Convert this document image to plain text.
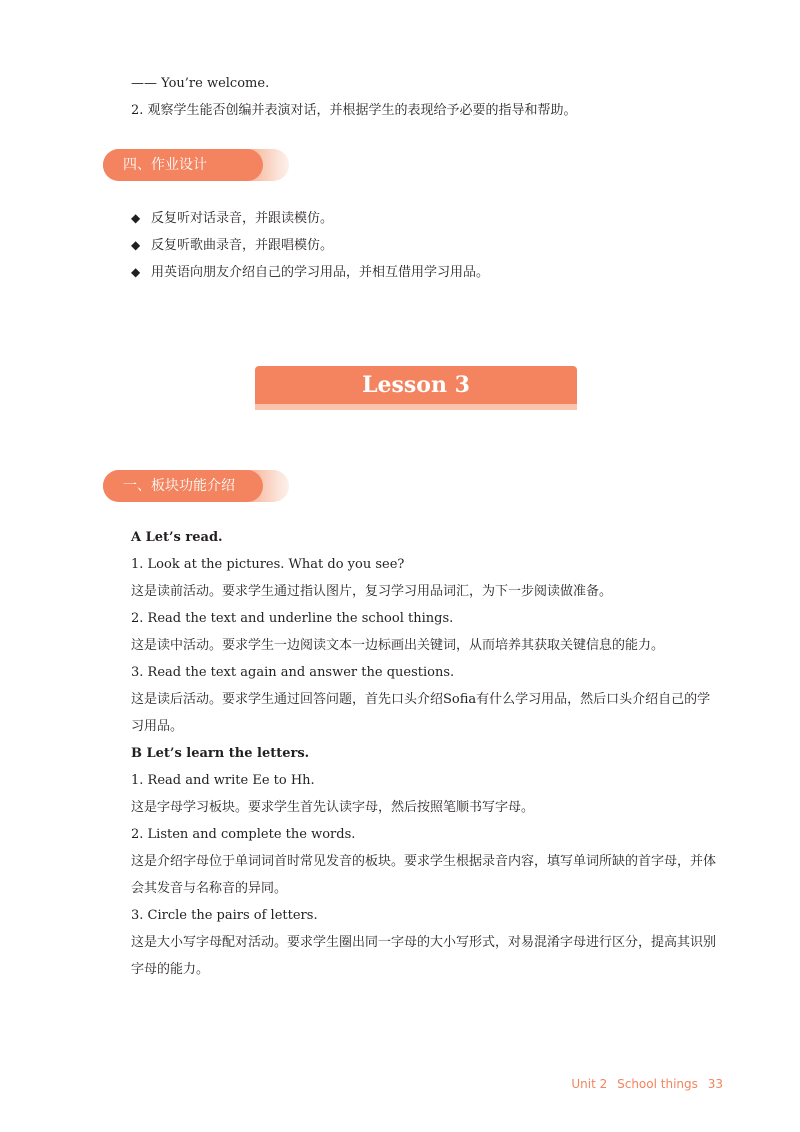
—— You’re welcome.
2. 观察学生能否创编并表演对话，并根据学生的表现给予必要的指导和帮助。
四、作业设计
◆ 反复听对话录音，并跟读模仿。
◆ 反复听歌曲录音，并跟唱模仿。
◆ 用英语向朋友介绍自己的学习用品，并相互借用学习用品。
Lesson 3
一、板块功能介绍
A Let’s read.
1. Look at the pictures. What do you see?
这是读前活动。要求学生通过指认图片，复习学习用品词汇，为下一步阅读做准备。
2. Read the text and underline the school things.
这是读中活动。要求学生一边阅读文本一边标画出关键词，从而培养其获取关键信息的能力。
3. Read the text again and answer the questions.
这是读后活动。要求学生通过回答问题，首先口头介绍Sofia有什么学习用品，然后口头介绍自己的学习用品。
B Let’s learn the letters.
1. Read and write Ee to Hh.
这是字母学习板块。要求学生首先认读字母，然后按照笔顺书写字母。
2. Listen and complete the words.
这是介绍字母位于单词词首时常见发音的板块。要求学生根据录音内容，填写单词所缺的首字母，并体会其发音与名称音的异同。
3. Circle the pairs of letters.
这是大小写字母配对活动。要求学生圈出同一字母的大小写形式，对易混淆字母进行区分，提高其识别字母的能力。
Unit 2 School things 33
